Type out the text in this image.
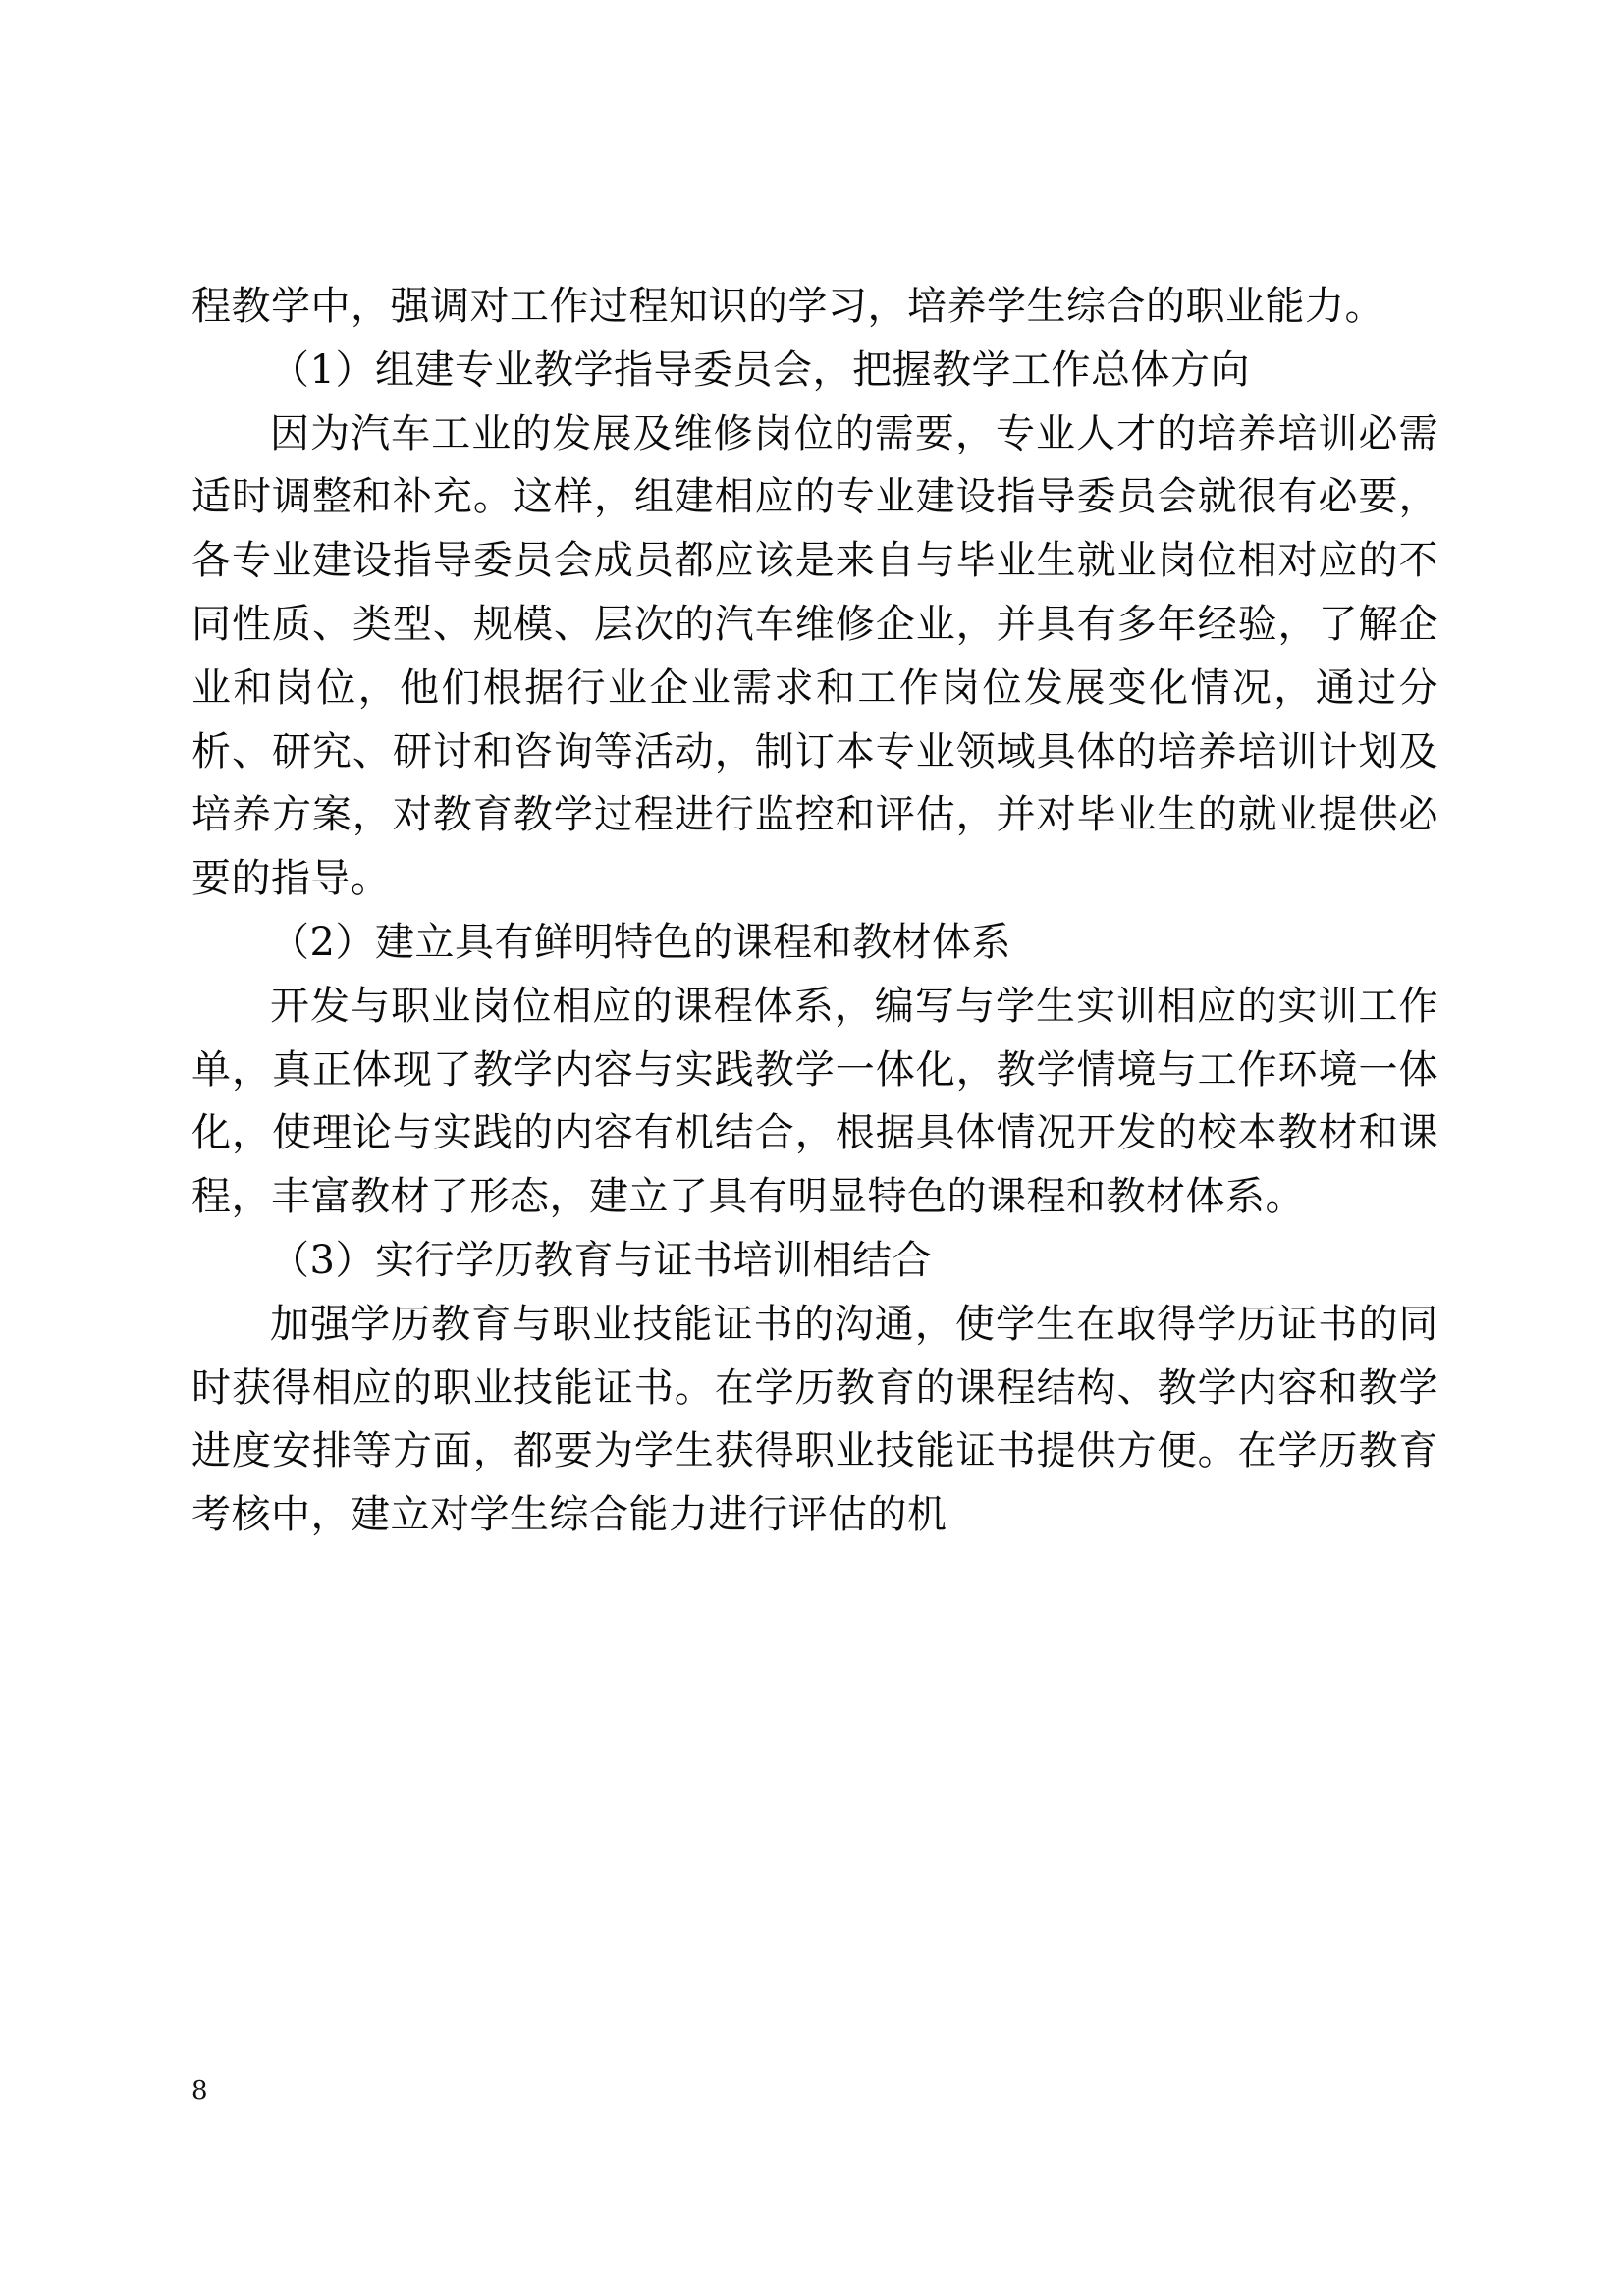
程教学中，强调对工作过程知识的学习，培养学生综合的职业能力。

（1）组建专业教学指导委员会，把握教学工作总体方向

因为汽车工业的发展及维修岗位的需要，专业人才的培养培训必需适时调整和补充。这样，组建相应的专业建设指导委员会就很有必要，各专业建设指导委员会成员都应该是来自与毕业生就业岗位相对应的不同性质、类型、规模、层次的汽车维修企业，并具有多年经验，了解企业和岗位，他们根据行业企业需求和工作岗位发展变化情况，通过分析、研究、研讨和咨询等活动，制订本专业领域具体的培养培训计划及培养方案，对教育教学过程进行监控和评估，并对毕业生的就业提供必要的指导。

（2）建立具有鲜明特色的课程和教材体系

开发与职业岗位相应的课程体系，编写与学生实训相应的实训工作单，真正体现了教学内容与实践教学一体化，教学情境与工作环境一体化，使理论与实践的内容有机结合，根据具体情况开发的校本教材和课程，丰富教材了形态，建立了具有明显特色的课程和教材体系。

（3）实行学历教育与证书培训相结合

加强学历教育与职业技能证书的沟通，使学生在取得学历证书的同时获得相应的职业技能证书。在学历教育的课程结构、教学内容和教学进度安排等方面，都要为学生获得职业技能证书提供方便。在学历教育考核中，建立对学生综合能力进行评估的机

8
